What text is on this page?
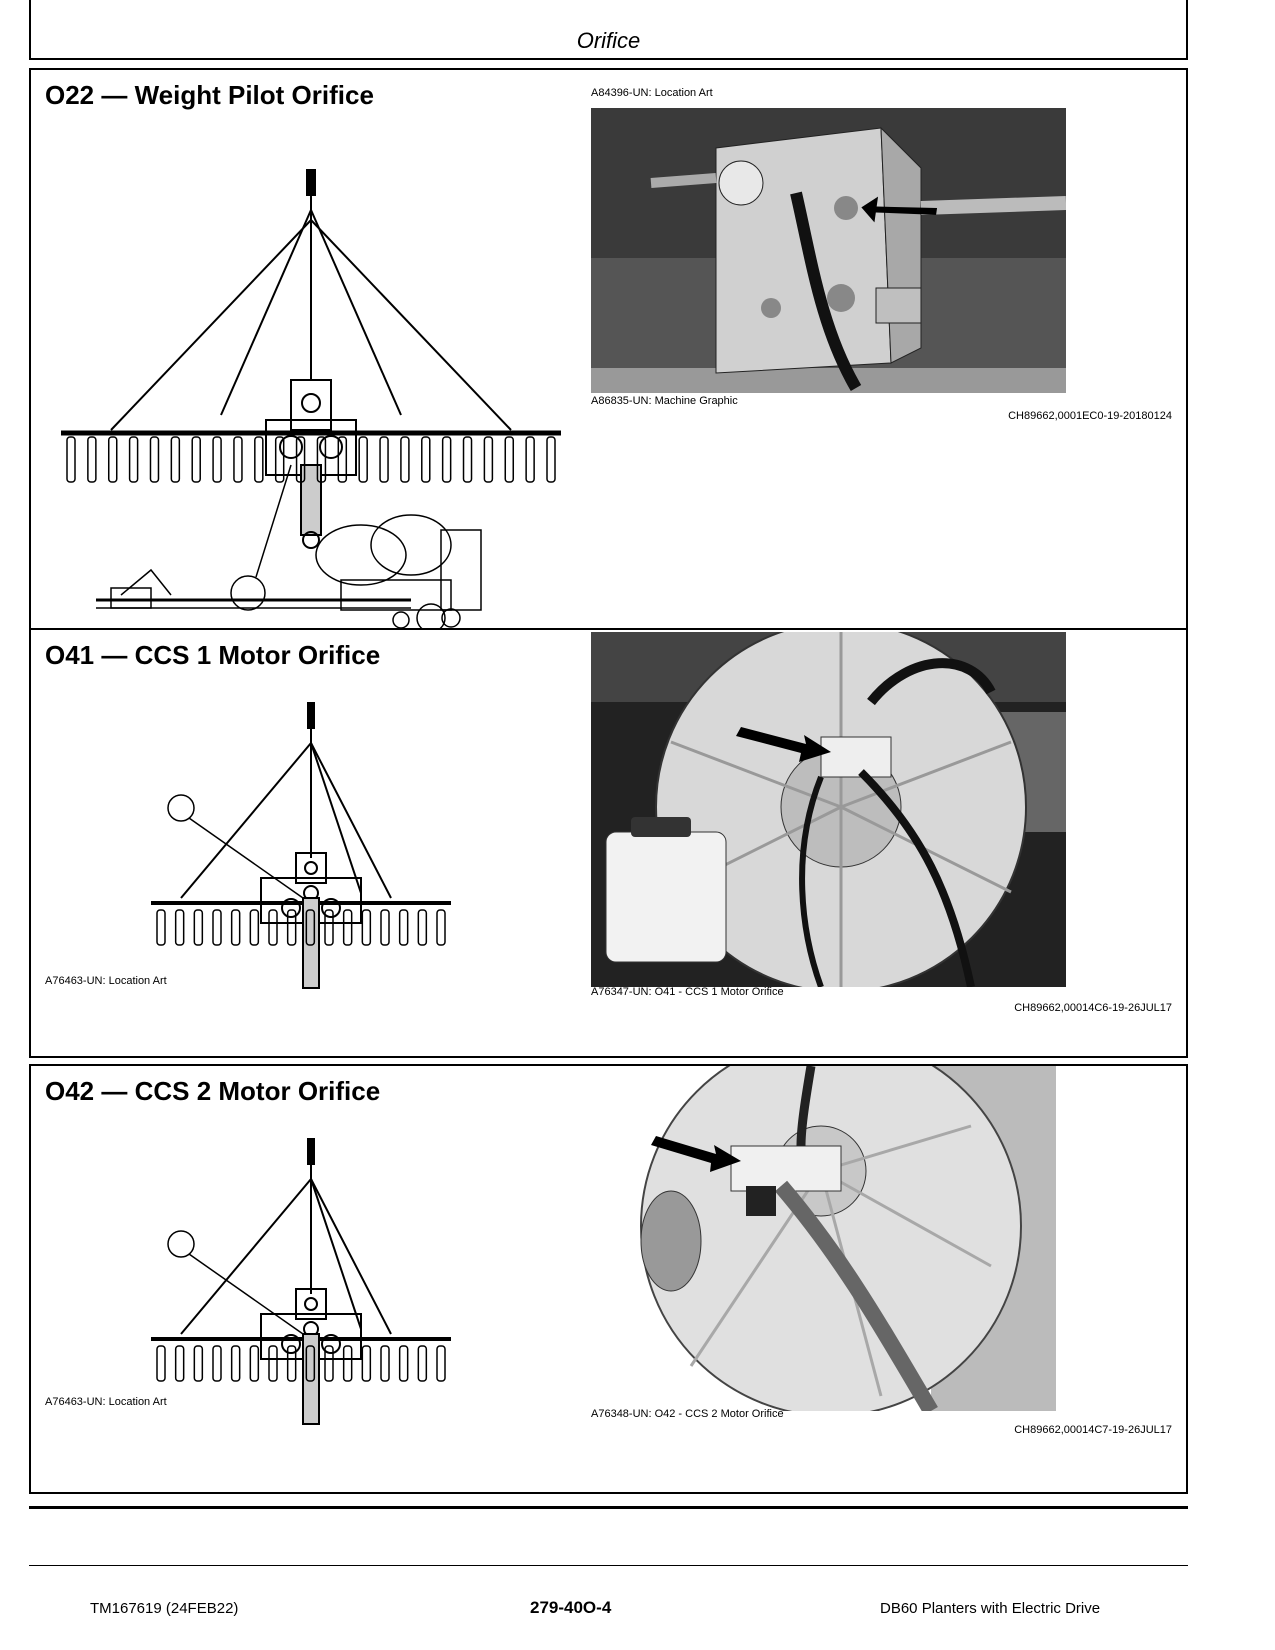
Orifice
O22 — Weight Pilot Orifice	A84396-UN: Location Art
A86835-UN: Machine Graphic
CH89662,0001EC0-19-20180124
O41 — CCS 1 Motor Orifice
A76463-UN: Location Art
A76347-UN: O41 - CCS 1 Motor Orifice
CH89662,00014C6-19-26JUL17
O42 — CCS 2 Motor Orifice
A76463-UN: Location Art
A76348-UN: O42 - CCS 2 Motor Orifice
CH89662,00014C7-19-26JUL17
TM167619 (24FEB22)	279-40O-4	DB60 Planters with Electric Drive
